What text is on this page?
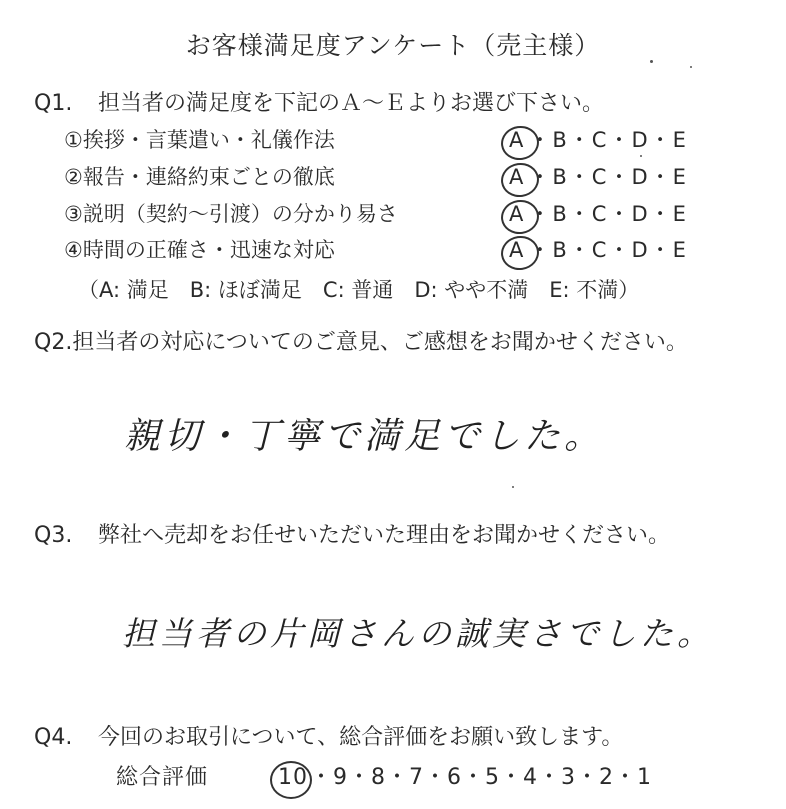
お客様満足度アンケート（売主様）
Q1. 担当者の満足度を下記のＡ～Ｅよりお選び下さい。
①挨拶・言葉遣い・礼儀作法	A ・B・C・D・E
②報告・連絡約束ごとの徹底	A ・B・C・D・E
③説明（契約～引渡）の分かり易さ	A ・B・C・D・E
④時間の正確さ・迅速な対応	A ・B・C・D・E
（A: 満足　B: ほぼ満足　C: 普通　D: やや不満　E: 不満）
Q2.担当者の対応についてのご意見、ご感想をお聞かせください。
親切・丁寧で満足でした。
Q3. 弊社へ売却をお任せいただいた理由をお聞かせください。
担当者の片岡さんの誠実さでした。
Q4. 今回のお取引について、総合評価をお願い致します。
総合評価	10・9・8・7・6・5・4・3・2・1
